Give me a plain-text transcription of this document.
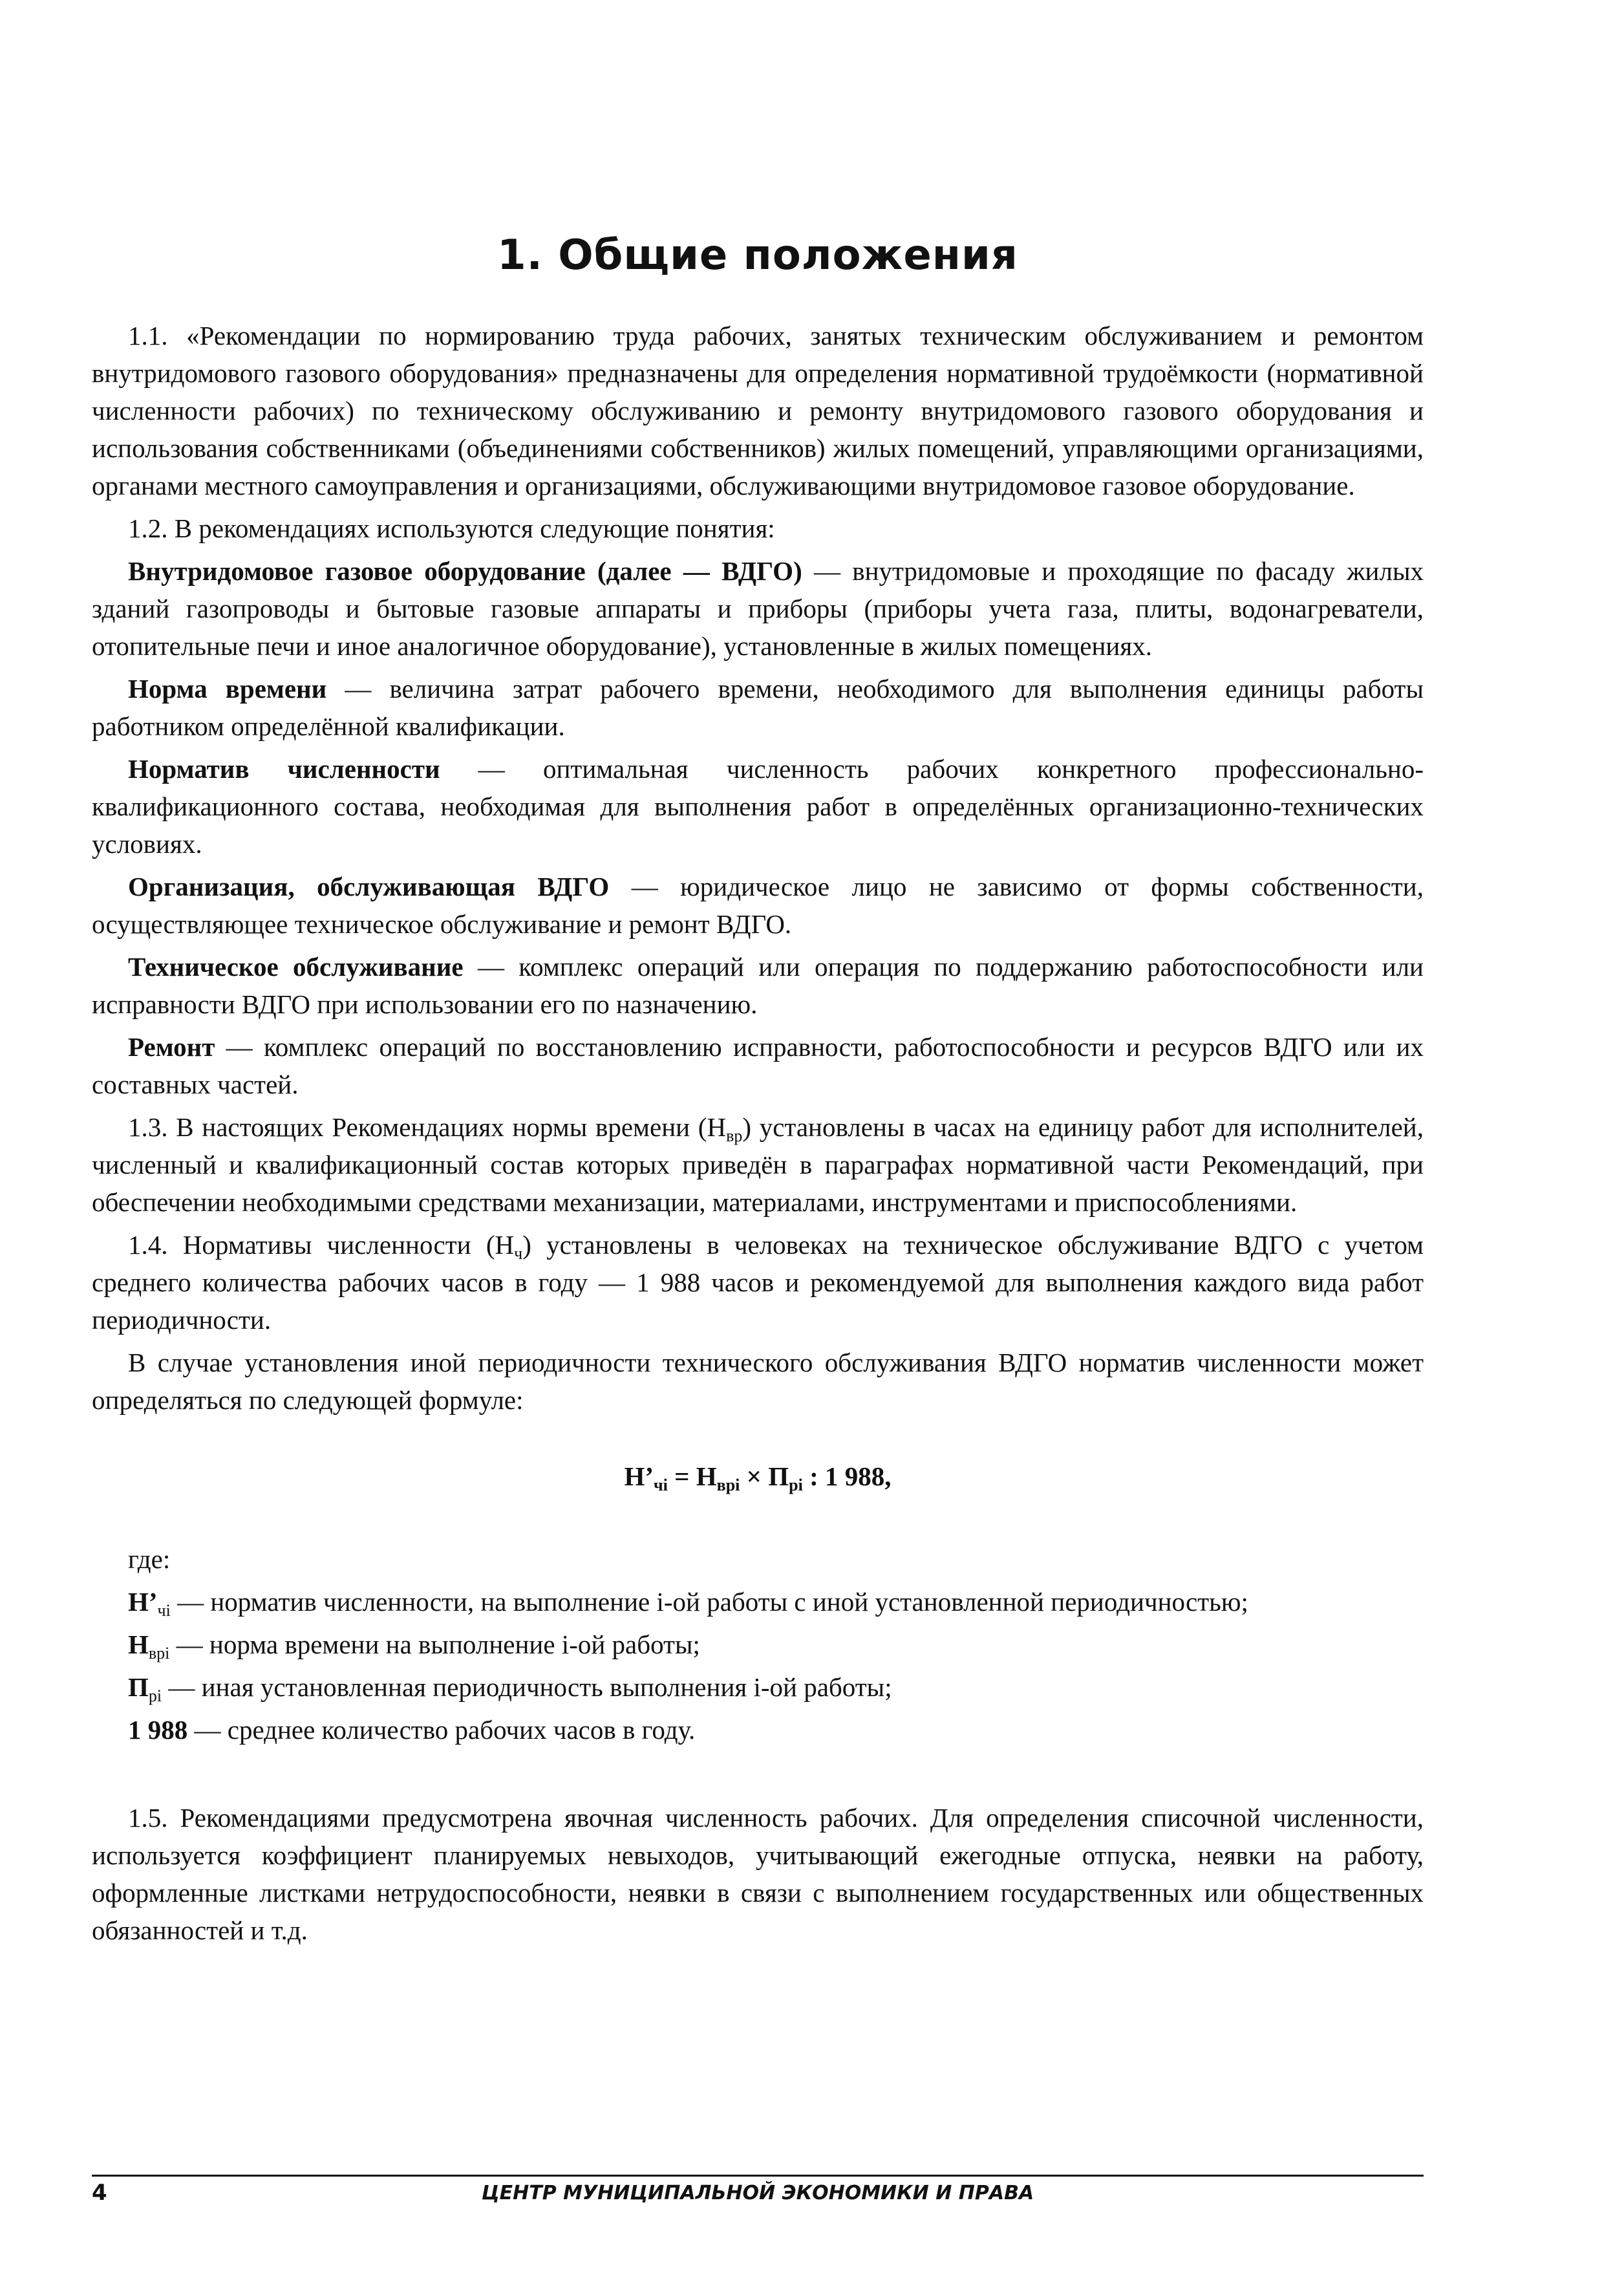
1. Общие положения

1.1. «Рекомендации по нормированию труда рабочих, занятых техническим обслуживанием и ремонтом внутридомового газового оборудования» предназначены для определения нормативной трудоёмкости (нормативной численности рабочих) по техническому обслуживанию и ремонту внутридомового газового оборудования и использования собственниками (объединениями собственников) жилых помещений, управляющими организациями, органами местного самоуправления и организациями, обслуживающими внутридомовое газовое оборудование.

1.2. В рекомендациях используются следующие понятия:

Внутридомовое газовое оборудование (далее — ВДГО) — внутридомовые и проходящие по фасаду жилых зданий газопроводы и бытовые газовые аппараты и приборы (приборы учета газа, плиты, водонагреватели, отопительные печи и иное аналогичное оборудование), установленные в жилых помещениях.

Норма времени — величина затрат рабочего времени, необходимого для выполнения единицы работы работником определённой квалификации.

Норматив численности — оптимальная численность рабочих конкретного профессионально-квалификационного состава, необходимая для выполнения работ в определённых организационно-технических условиях.

Организация, обслуживающая ВДГО — юридическое лицо не зависимо от формы собственности, осуществляющее техническое обслуживание и ремонт ВДГО.

Техническое обслуживание — комплекс операций или операция по поддержанию работоспособности или исправности ВДГО при использовании его по назначению.

Ремонт — комплекс операций по восстановлению исправности, работоспособности и ресурсов ВДГО или их составных частей.

1.3. В настоящих Рекомендациях нормы времени $(Н_{вр})$ установлены в часах на единицу работ для исполнителей, численный и квалификационный состав которых приведён в параграфах нормативной части Рекомендаций, при обеспечении необходимыми средствами механизации, материалами, инструментами и приспособлениями.

1.4. Нормативы численности $(Н_ч)$ установлены в человеках на техническое обслуживание ВДГО с учетом среднего количества рабочих часов в году — 1 988 часов и рекомендуемой для выполнения каждого вида работ периодичности.

В случае установления иной периодичности технического обслуживания ВДГО норматив численности может определяться по следующей формуле:

$Н’_{чi} = Н_{врi} \times П_{рi}$ : 1 988,

где:

$Н’_{чi}$ — норматив численности, на выполнение i-ой работы с иной установленной периодичностью;

$Н_{врi}$ — норма времени на выполнение i-ой работы;

$П_{рi}$ — иная установленная периодичность выполнения i-ой работы;

1 988 — среднее количество рабочих часов в году.

1.5. Рекомендациями предусмотрена явочная численность рабочих. Для определения списочной численности, используется коэффициент планируемых невыходов, учитывающий ежегодные отпуска, неявки на работу, оформленные листками нетрудоспособности, неявки в связи с выполнением государственных или общественных обязанностей и т.д.

4	ЦЕНТР МУНИЦИПАЛЬНОЙ ЭКОНОМИКИ И ПРАВА
